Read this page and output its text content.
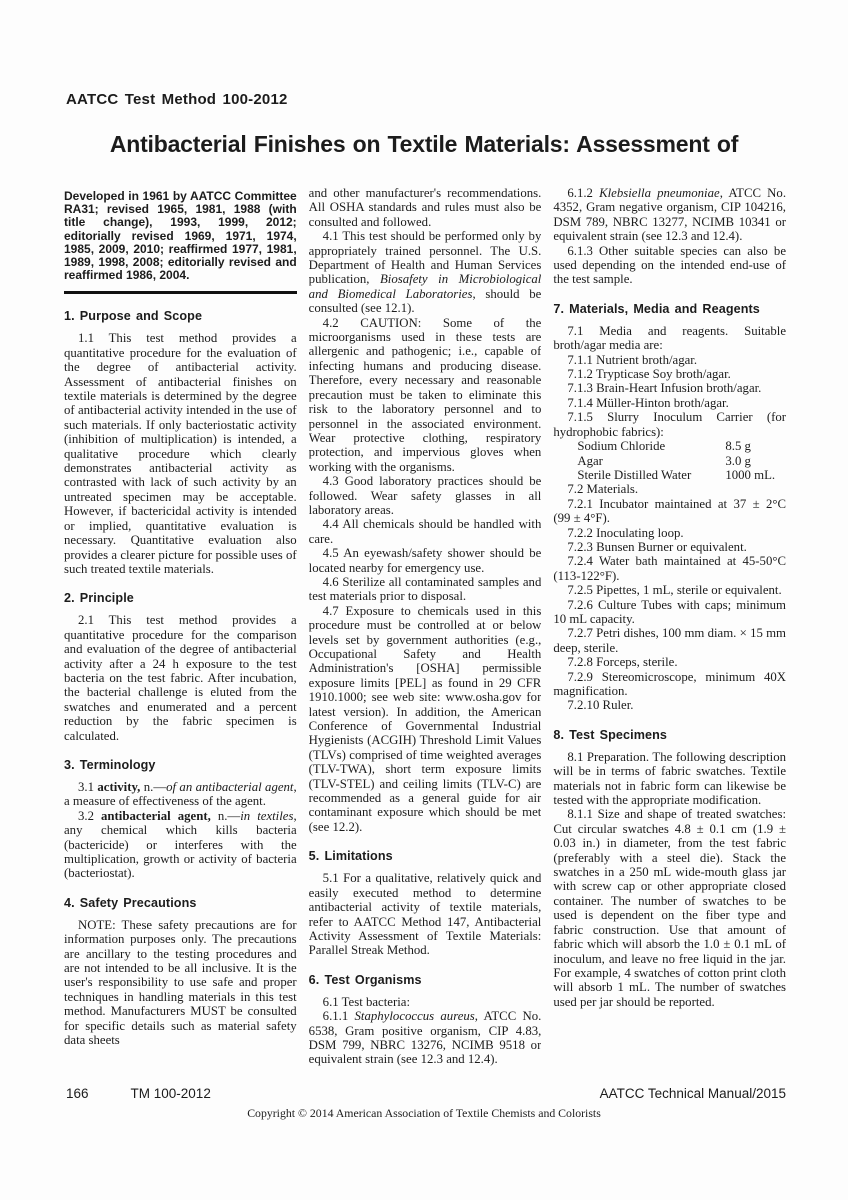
AATCC Test Method 100-2012
Antibacterial Finishes on Textile Materials: Assessment of

Developed in 1961 by AATCC Committee RA31; revised 1965, 1981, 1988 (with title change), 1993, 1999, 2012; editorially revised 1969, 1971, 1974, 1985, 2009, 2010; reaffirmed 1977, 1981, 1989, 1998, 2008; editorially revised and reaffirmed 1986, 2004.

1. Purpose and Scope

1.1 This test method provides a quantitative procedure for the evaluation of the degree of antibacterial activity. Assessment of antibacterial finishes on textile materials is determined by the degree of antibacterial activity intended in the use of such materials. If only bacteriostatic activity (inhibition of multiplication) is intended, a qualitative procedure which clearly demonstrates antibacterial activity as contrasted with lack of such activity by an untreated specimen may be acceptable. However, if bactericidal activity is intended or implied, quantitative evaluation is necessary. Quantitative evaluation also provides a clearer picture for possible uses of such treated textile materials.

2. Principle

2.1 This test method provides a quantitative procedure for the comparison and evaluation of the degree of antibacterial activity after a 24 h exposure to the test bacteria on the test fabric. After incubation, the bacterial challenge is eluted from the swatches and enumerated and a percent reduction by the fabric specimen is calculated.

3. Terminology

3.1 activity, n.—of an antibacterial agent, a measure of effectiveness of the agent.

3.2 antibacterial agent, n.—in textiles, any chemical which kills bacteria (bactericide) or interferes with the multiplication, growth or activity of bacteria (bacteriostat).

4. Safety Precautions

NOTE: These safety precautions are for information purposes only. The precautions are ancillary to the testing procedures and are not intended to be all inclusive. It is the user's responsibility to use safe and proper techniques in handling materials in this test method. Manufacturers MUST be consulted for specific details such as material safety data sheets

and other manufacturer's recommendations. All OSHA standards and rules must also be consulted and followed.

4.1 This test should be performed only by appropriately trained personnel. The U.S. Department of Health and Human Services publication, Biosafety in Microbiological and Biomedical Laboratories, should be consulted (see 12.1).

4.2 CAUTION: Some of the microorganisms used in these tests are allergenic and pathogenic; i.e., capable of infecting humans and producing disease. Therefore, every necessary and reasonable precaution must be taken to eliminate this risk to the laboratory personnel and to personnel in the associated environment. Wear protective clothing, respiratory protection, and impervious gloves when working with the organisms.

4.3 Good laboratory practices should be followed. Wear safety glasses in all laboratory areas.

4.4 All chemicals should be handled with care.

4.5 An eyewash/safety shower should be located nearby for emergency use.

4.6 Sterilize all contaminated samples and test materials prior to disposal.

4.7 Exposure to chemicals used in this procedure must be controlled at or below levels set by government authorities (e.g., Occupational Safety and Health Administration's [OSHA] permissible exposure limits [PEL] as found in 29 CFR 1910.1000; see web site: www.osha.gov for latest version). In addition, the American Conference of Governmental Industrial Hygienists (ACGIH) Threshold Limit Values (TLVs) comprised of time weighted averages (TLV-TWA), short term exposure limits (TLV-STEL) and ceiling limits (TLV-C) are recommended as a general guide for air contaminant exposure which should be met (see 12.2).

5. Limitations

5.1 For a qualitative, relatively quick and easily executed method to determine antibacterial activity of textile materials, refer to AATCC Method 147, Antibacterial Activity Assessment of Textile Materials: Parallel Streak Method.

6. Test Organisms

6.1 Test bacteria:

6.1.1 Staphylococcus aureus, ATCC No. 6538, Gram positive organism, CIP 4.83, DSM 799, NBRC 13276, NCIMB 9518 or equivalent strain (see 12.3 and 12.4).

6.1.2 Klebsiella pneumoniae, ATCC No. 4352, Gram negative organism, CIP 104216, DSM 789, NBRC 13277, NCIMB 10341 or equivalent strain (see 12.3 and 12.4).

6.1.3 Other suitable species can also be used depending on the intended end-use of the test sample.

7. Materials, Media and Reagents

7.1 Media and reagents. Suitable broth/agar media are:

7.1.1 Nutrient broth/agar.

7.1.2 Trypticase Soy broth/agar.

7.1.3 Brain-Heart Infusion broth/agar.

7.1.4 Müller-Hinton broth/agar.

7.1.5 Slurry Inoculum Carrier (for hydrophobic fabrics):

Sodium Chloride	8.5 g
Agar	3.0 g
Sterile Distilled Water	1000 mL.

7.2 Materials.

7.2.1 Incubator maintained at 37 ± 2°C (99 ± 4°F).

7.2.2 Inoculating loop.

7.2.3 Bunsen Burner or equivalent.

7.2.4 Water bath maintained at 45-50°C (113-122°F).

7.2.5 Pipettes, 1 mL, sterile or equivalent.

7.2.6 Culture Tubes with caps; minimum 10 mL capacity.

7.2.7 Petri dishes, 100 mm diam. × 15 mm deep, sterile.

7.2.8 Forceps, sterile.

7.2.9 Stereomicroscope, minimum 40X magnification.

7.2.10 Ruler.

8. Test Specimens

8.1 Preparation. The following description will be in terms of fabric swatches. Textile materials not in fabric form can likewise be tested with the appropriate modification.

8.1.1 Size and shape of treated swatches: Cut circular swatches 4.8 ± 0.1 cm (1.9 ± 0.03 in.) in diameter, from the test fabric (preferably with a steel die). Stack the swatches in a 250 mL wide-mouth glass jar with screw cap or other appropriate closed container. The number of swatches to be used is dependent on the fiber type and fabric construction. Use that amount of fabric which will absorb the 1.0 ± 0.1 mL of inoculum, and leave no free liquid in the jar. For example, 4 swatches of cotton print cloth will absorb 1 mL. The number of swatches used per jar should be reported.

166	TM 100-2012	AATCC Technical Manual/2015
Copyright © 2014 American Association of Textile Chemists and Colorists
